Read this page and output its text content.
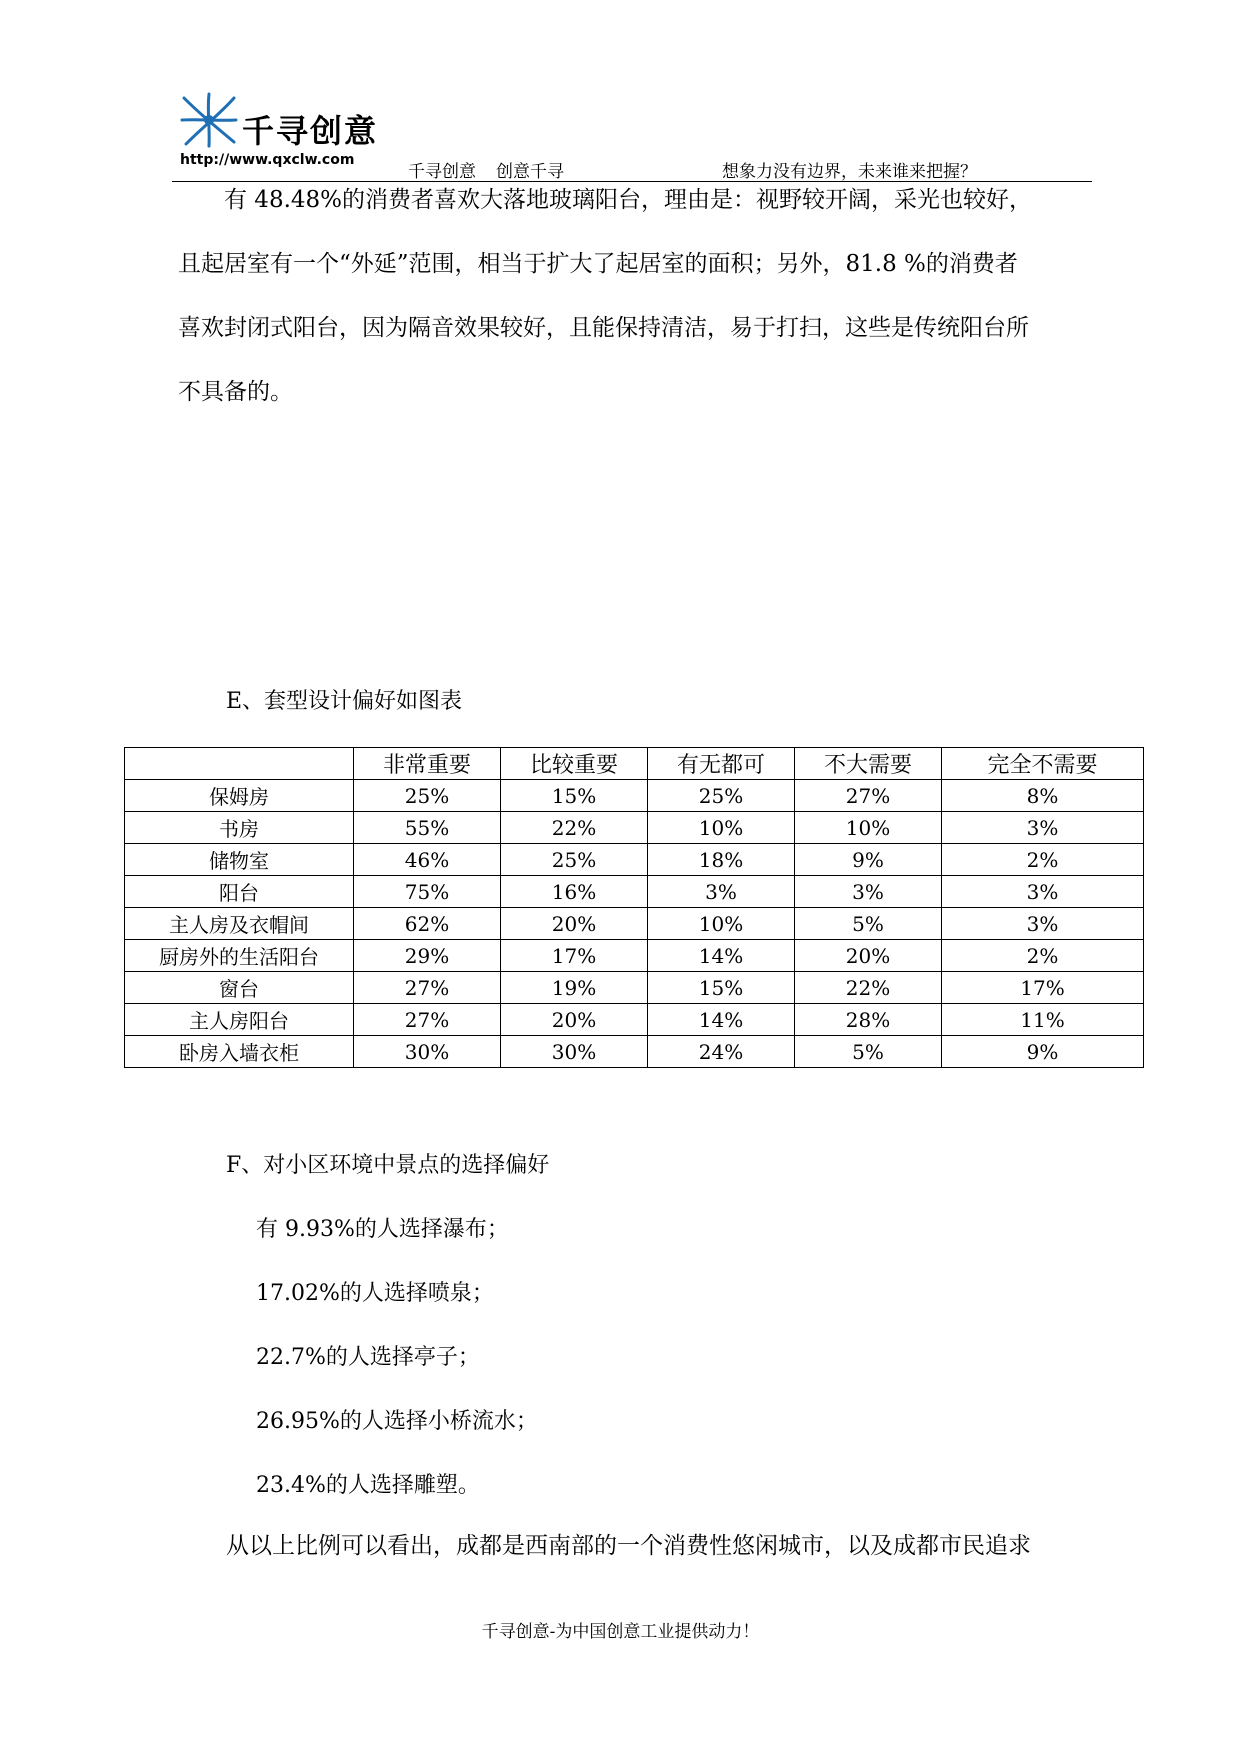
千寻创意
http://www.qxclw.com
千寻创意 创意千寻	想象力没有边界，未来谁来把握？

有 48.48%的消费者喜欢大落地玻璃阳台，理由是：视野较开阔，采光也较好，
且起居室有一个“外延”范围，相当于扩大了起居室的面积；另外，81.8 %的消费者
喜欢封闭式阳台，因为隔音效果较好，且能保持清洁，易于打扫，这些是传统阳台所
不具备的。

E、套型设计偏好如图表

	非常重要	比较重要	有无都可	不大需要	完全不需要
保姆房	25%	15%	25%	27%	8%
书房	55%	22%	10%	10%	3%
储物室	46%	25%	18%	9%	2%
阳台	75%	16%	3%	3%	3%
主人房及衣帽间	62%	20%	10%	5%	3%
厨房外的生活阳台	29%	17%	14%	20%	2%
窗台	27%	19%	15%	22%	17%
主人房阳台	27%	20%	14%	28%	11%
卧房入墙衣柜	30%	30%	24%	5%	9%

F、对小区环境中景点的选择偏好

有 9.93%的人选择瀑布；

17.02%的人选择喷泉；

22.7%的人选择亭子；

26.95%的人选择小桥流水；

23.4%的人选择雕塑。

从以上比例可以看出，成都是西南部的一个消费性悠闲城市，以及成都市民追求

千寻创意-为中国创意工业提供动力！
